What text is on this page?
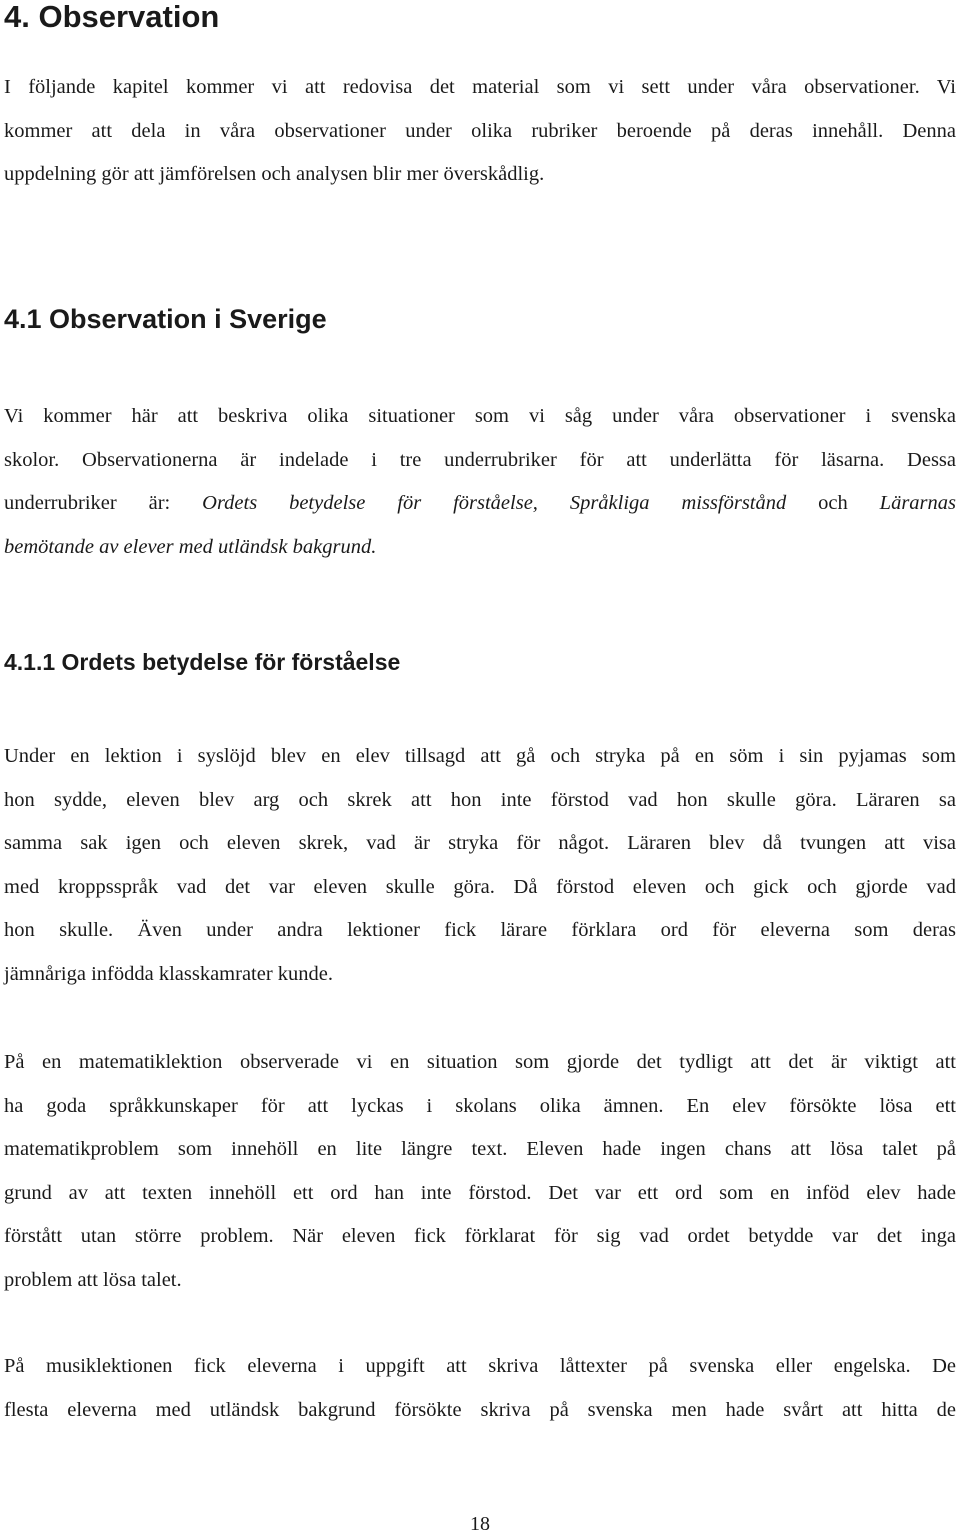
4. Observation
I följande kapitel kommer vi att redovisa det material som vi sett under våra observationer. Vi
kommer att dela in våra observationer under olika rubriker beroende på deras innehåll. Denna
uppdelning gör att jämförelsen och analysen blir mer överskådlig.
4.1 Observation i Sverige
Vi kommer här att beskriva olika situationer som vi såg under våra observationer i svenska
skolor. Observationerna är indelade i tre underrubriker för att underlätta för läsarna. Dessa
underrubriker är: Ordets betydelse för förståelse, Språkliga missförstånd och Lärarnas
bemötande av elever med utländsk bakgrund.
4.1.1 Ordets betydelse för förståelse
Under en lektion i syslöjd blev en elev tillsagd att gå och stryka på en söm i sin pyjamas som
hon sydde, eleven blev arg och skrek att hon inte förstod vad hon skulle göra. Läraren sa
samma sak igen och eleven skrek, vad är stryka för något. Läraren blev då tvungen att visa
med kroppsspråk vad det var eleven skulle göra. Då förstod eleven och gick och gjorde vad
hon skulle. Även under andra lektioner fick lärare förklara ord för eleverna som deras
jämnåriga infödda klasskamrater kunde.
På en matematiklektion observerade vi en situation som gjorde det tydligt att det är viktigt att
ha goda språkkunskaper för att lyckas i skolans olika ämnen. En elev försökte lösa ett
matematikproblem som innehöll en lite längre text. Eleven hade ingen chans att lösa talet på
grund av att texten innehöll ett ord han inte förstod. Det var ett ord som en inföd elev hade
förstått utan större problem. När eleven fick förklarat för sig vad ordet betydde var det inga
problem att lösa talet.
På musiklektionen fick eleverna i uppgift att skriva låttexter på svenska eller engelska. De
flesta eleverna med utländsk bakgrund försökte skriva på svenska men hade svårt att hitta de
18
